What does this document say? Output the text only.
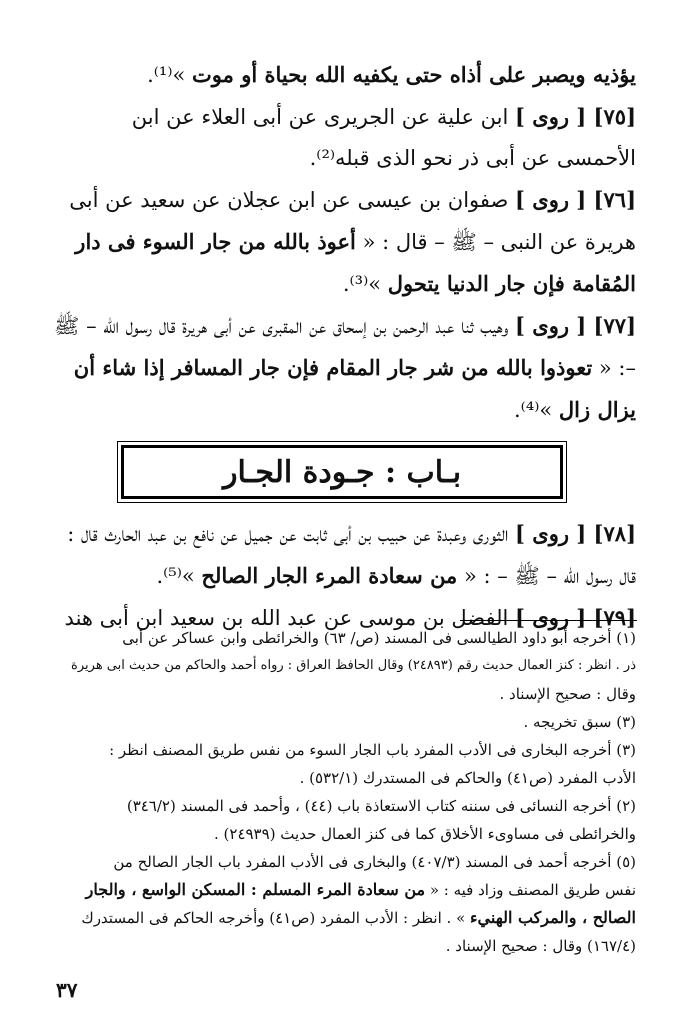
يؤذيه ويصبر على أذاه حتى يكفيه الله بحياة أو موت »⁽¹⁾.

[٧٥] [ روى ] ابن علية عن الجريرى عن أبى العلاء عن ابن الأحمسى عن أبى ذر نحو الذى قبله⁽²⁾.

[٧٦] [ روى ] صفوان بن عيسى عن ابن عجلان عن سعيد عن أبى هريرة عن النبى – ﷺ – قال : « أعوذ بالله من جار السوء فى دار المُقامة فإن جار الدنيا يتحول »⁽³⁾.

[٧٧] [ روى ] وهيب ثنا عبد الرحمن بن إسحاق عن المقبرى عن أبى هريرة قال رسول الله – ﷺ –: « تعوذوا بالله من شر جار المقام فإن جار المسافر إذا شاء أن يزال زال »⁽⁴⁾.

بـاب : جـودة الجـار

[٧٨] [ روى ] الثورى وعبدة عن حبيب بن أبى ثابت عن جميل عن نافع بن عبد الحارث قال : قال رسول الله – ﷺ – : « من سعادة المرء الجار الصالح »⁽⁵⁾.

[٧٩] [ روى ] الفضل بن موسى عن عبد الله بن سعيد ابن أبى هند

(١) أخرجه أبو داود الطيالسى فى المسند (ص/ ٦٣) والخرائطى وابن عساكر عن أبى

ذر . انظر : كنز العمال حديث رقم (٢٤٨٩٣) وقال الحافظ العراق : رواه أحمد والحاكم من حديث ابى هريرة

وقال : صحيح الإسناد .

(٣) سبق تخريجه .

(٣) أخرجه البخارى فى الأدب المفرد باب الجار السوء من نفس طريق المصنف انظر :

الأدب المفرد (ص٤١) والحاكم فى المستدرك (٥٣٢/١) .

(٢) أخرجه النسائى فى سننه كتاب الاستعاذة باب (٤٤) ، وأحمد فى المسند (٣٤٦/٢)

والخرائطى فى مساوىء الأخلاق كما فى كنز العمال حديث (٢٤٩٣٩) .

(٥) أخرجه أحمد فى المسند (٤٠٧/٣) والبخارى فى الأدب المفرد باب الجار الصالح من

نفس طريق المصنف وزاد فيه : « من سعادة المرء المسلم : المسكن الواسع ، والجار

الصالح ، والمركب الهنيء » . انظر : الأدب المفرد (ص٤١) وأخرجه الحاكم فى المستدرك

(١٦٧/٤) وقال : صحيح الإسناد .

٣٧
